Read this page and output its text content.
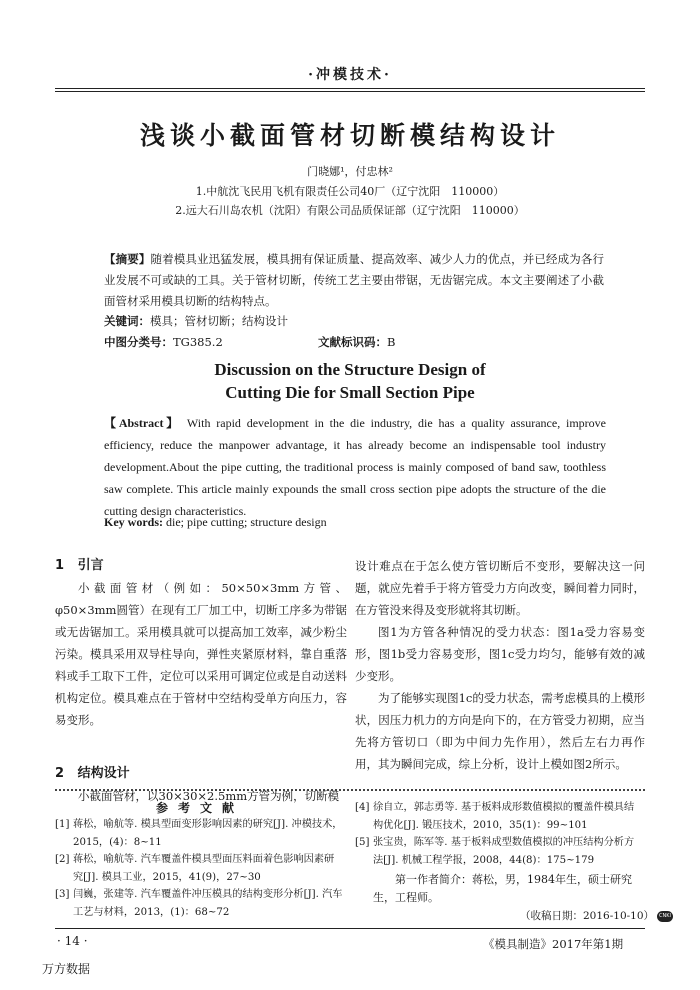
·冲模技术·
浅谈小截面管材切断模结构设计
门晓娜¹，付忠林²
1.中航沈飞民用飞机有限责任公司40厂（辽宁沈阳　110000）
2.远大石川岛农机（沈阳）有限公司品质保证部（辽宁沈阳　110000）
【摘要】随着模具业迅猛发展，模具拥有保证质量、提高效率、减少人力的优点，并已经成为各行业发展不可或缺的工具。关于管材切断，传统工艺主要由带锯，无齿锯完成。本文主要阐述了小截面管材采用模具切断的结构特点。
关键词：模具；管材切断；结构设计
中图分类号：TG385.2	文献标识码：B
Discussion on the Structure Design of
Cutting Die for Small Section Pipe
【Abstract】 With rapid development in the die industry, die has a quality assurance, improve efficiency, reduce the manpower advantage, it has already become an indispensable tool industry development.About the pipe cutting, the traditional process is mainly composed of band saw, toothless saw complete. This article mainly expounds the small cross section pipe adopts the structure of the die cutting design characteristics.
Key words: die; pipe cutting; structure design
1 引言

小截面管材（例如：50×50×3mm方管、φ50×3mm圆管）在现有工厂加工中，切断工序多为带锯或无齿锯加工。采用模具就可以提高加工效率，减少粉尘污染。模具采用双导柱导向，弹性夹紧原材料，靠自重落料或手工取下工件，定位可以采用可调定位或是自动送料机构定位。模具难点在于管材中空结构受单方向压力，容易变形。

2 结构设计

小截面管材，以30×30×2.5mm方管为例，切断模

设计难点在于怎么使方管切断后不变形，要解决这一问题，就应先着手于将方管受力方向改变，瞬间着力同时，在方管没来得及变形就将其切断。

图1为方管各种情况的受力状态：图1a受力容易变形，图1b受力容易变形，图1c受力均匀，能够有效的减少变形。

为了能够实现图1c的受力状态，需考虑模具的上模形状，因压力机力的方向是向下的，在方管受力初期，应当先将方管切口（即为中间力先作用），然后左右力再作用，其为瞬间完成，综上分析，设计上模如图2所示。

参考文献
[1] 蒋松，喻航等. 模具型面变形影响因素的研究[J]. 冲模技术，2015，(4)：8~11
[2] 蒋松，喻航等. 汽车覆盖件模具型面压料面着色影响因素研究[J]. 模具工业，2015，41(9)，27~30
[3] 闫巍，张建等. 汽车覆盖件冲压模具的结构变形分析[J]. 汽车工艺与材料，2013，(1)：68~72
[4] 徐自立，郭志勇等. 基于板料成形数值模拟的覆盖件模具结构优化[J]. 锻压技术，2010，35(1)：99~101
[5] 张宝贵，陈军等. 基于板料成型数值模拟的冲压结构分析方法[J]. 机械工程学报，2008，44(8)：175~179
第一作者简介：蒋松，男，1984年生，硕士研究生，工程师。
（收稿日期：2016-10-10） CNKI
· 14 ·	《模具制造》2017年第1期
万方数据
